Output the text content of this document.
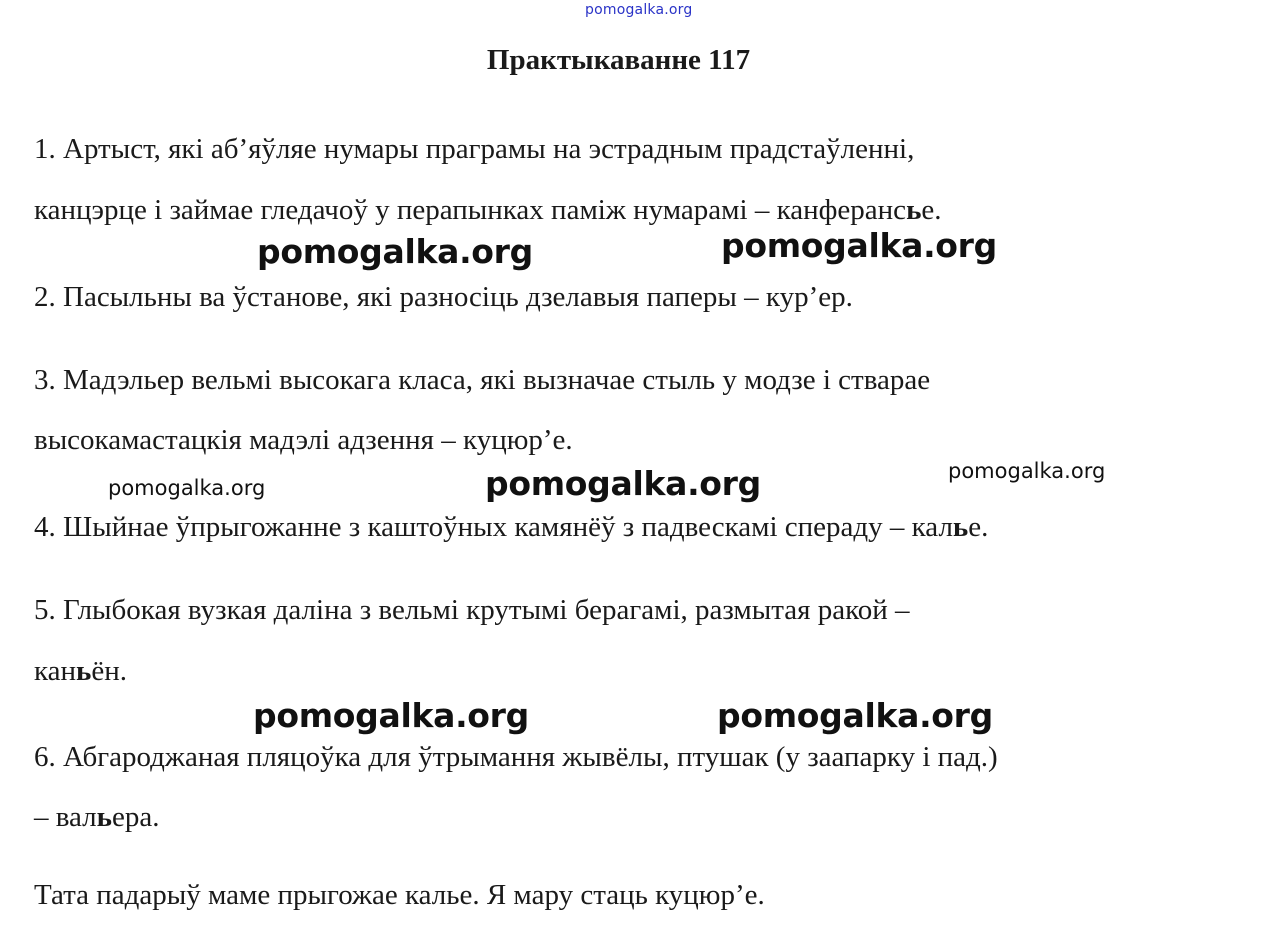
pomogalka.org
Практыкаванне 117
1. Артыст, які аб’яўляе нумары праграмы на эстрадным прадстаўленні,
канцэрце і займае гледачоў у перапынках паміж нумарамі – канферансье.
2. Пасыльны ва ўстанове, які разносіць дзелавыя паперы – кур’ер.
3. Мадэльер вельмі высокага класа, які вызначае стыль у модзе і стварае
высокамастацкія мадэлі адзення – куцюр’е.
4. Шыйнае ўпрыгожанне з каштоўных камянёў з падвескамі спераду – калье.
5. Глыбокая вузкая даліна з вельмі крутымі берагамі, размытая ракой –
каньён.
6. Абгароджаная пляцоўка для ўтрымання жывёлы, птушак (у заапарку і пад.)
– вальера.
Тата падарыў маме прыгожае кальe. Я мару стаць куцюр’е.
pomogalka.org	pomogalka.org
pomogalka.org
pomogalka.org
pomogalka.org
pomogalka.org	pomogalka.org
